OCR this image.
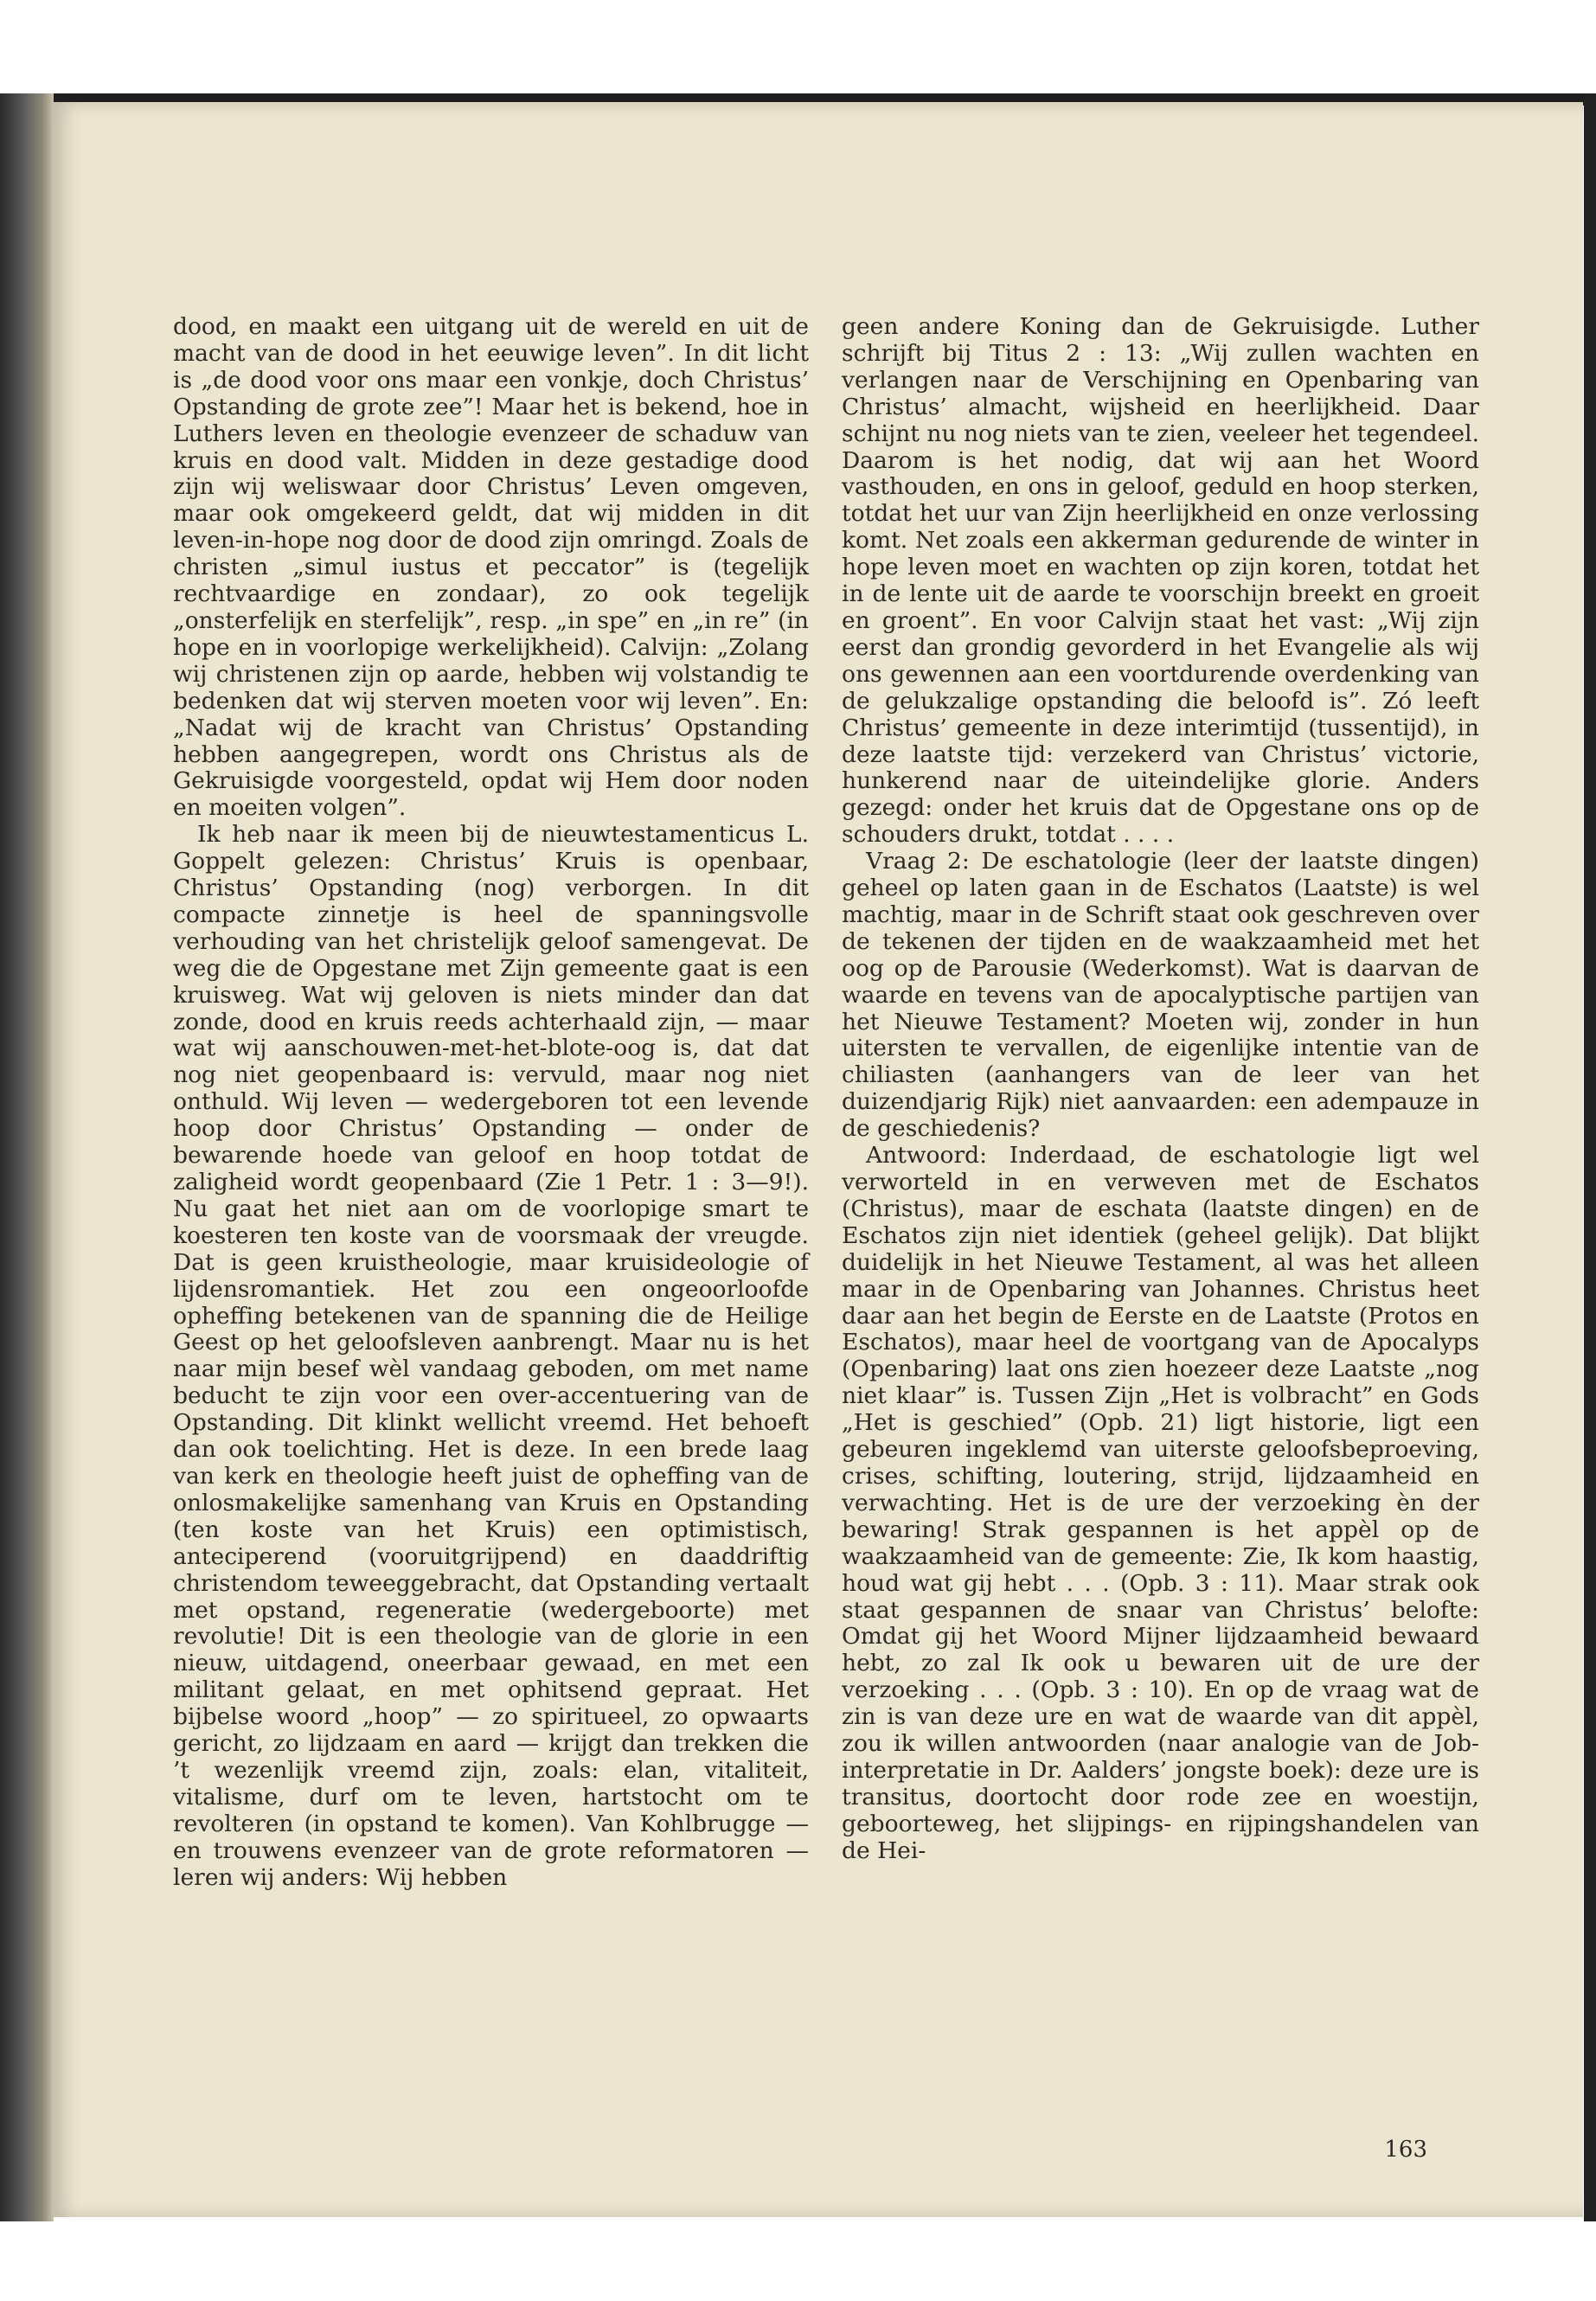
dood, en maakt een uitgang uit de wereld en uit de macht van de dood in het eeuwige leven”. In dit licht is „de dood voor ons maar een vonkje, doch Christus’ Opstanding de grote zee”! Maar het is bekend, hoe in Luthers leven en theologie evenzeer de schaduw van kruis en dood valt. Midden in deze gestadige dood zijn wij weliswaar door Christus’ Leven omgeven, maar ook omgekeerd geldt, dat wij midden in dit leven-in-hope nog door de dood zijn omringd. Zoals de christen „simul iustus et peccator” is (tegelijk rechtvaardige en zondaar), zo ook tegelijk „onsterfelijk en sterfelijk”, resp. „in spe” en „in re” (in hope en in voorlopige werkelijkheid). Calvijn: „Zolang wij christenen zijn op aarde, hebben wij volstandig te bedenken dat wij sterven moeten voor wij leven”. En: „Nadat wij de kracht van Christus’ Opstanding hebben aangegrepen, wordt ons Christus als de Gekruisigde voorgesteld, opdat wij Hem door noden en moeiten volgen”.

Ik heb naar ik meen bij de nieuwtestamenticus L. Goppelt gelezen: Christus’ Kruis is openbaar, Christus’ Opstanding (nog) verborgen. In dit compacte zinnetje is heel de spanningsvolle verhouding van het christelijk geloof samengevat. De weg die de Opgestane met Zijn gemeente gaat is een kruisweg. Wat wij geloven is niets minder dan dat zonde, dood en kruis reeds achterhaald zijn, — maar wat wij aanschouwen-met-het-blote-oog is, dat dat nog niet geopenbaard is: vervuld, maar nog niet onthuld. Wij leven — wedergeboren tot een levende hoop door Christus’ Opstanding — onder de bewarende hoede van geloof en hoop totdat de zaligheid wordt geopenbaard (Zie 1 Petr. 1 : 3—9!). Nu gaat het niet aan om de voorlopige smart te koesteren ten koste van de voorsmaak der vreugde. Dat is geen kruistheologie, maar kruisideologie of lijdensromantiek. Het zou een ongeoorloofde opheffing betekenen van de spanning die de Heilige Geest op het geloofsleven aanbrengt. Maar nu is het naar mijn besef wèl vandaag geboden, om met name beducht te zijn voor een over-accentuering van de Opstanding. Dit klinkt wellicht vreemd. Het behoeft dan ook toelichting. Het is deze. In een brede laag van kerk en theologie heeft juist de opheffing van de onlosmakelijke samenhang van Kruis en Opstanding (ten koste van het Kruis) een optimistisch, anteciperend (vooruitgrijpend) en daaddriftig christendom teweeggebracht, dat Opstanding vertaalt met opstand, regeneratie (wedergeboorte) met revolutie! Dit is een theologie van de glorie in een nieuw, uitdagend, oneerbaar gewaad, en met een militant gelaat, en met ophitsend gepraat. Het bijbelse woord „hoop” — zo spiritueel, zo opwaarts gericht, zo lijdzaam en aard — krijgt dan trekken die ’t wezenlijk vreemd zijn, zoals: elan, vitaliteit, vitalisme, durf om te leven, hartstocht om te revolteren (in opstand te komen). Van Kohlbrugge — en trouwens evenzeer van de grote reformatoren — leren wij anders: Wij hebben

geen andere Koning dan de Gekruisigde. Luther schrijft bij Titus 2 : 13: „Wij zullen wachten en verlangen naar de Verschijning en Openbaring van Christus’ almacht, wijsheid en heerlijkheid. Daar schijnt nu nog niets van te zien, veeleer het tegendeel. Daarom is het nodig, dat wij aan het Woord vasthouden, en ons in geloof, geduld en hoop sterken, totdat het uur van Zijn heerlijkheid en onze verlossing komt. Net zoals een akkerman gedurende de winter in hope leven moet en wachten op zijn koren, totdat het in de lente uit de aarde te voorschijn breekt en groeit en groent”. En voor Calvijn staat het vast: „Wij zijn eerst dan grondig gevorderd in het Evangelie als wij ons gewennen aan een voortdurende overdenking van de gelukzalige opstanding die beloofd is”. Zó leeft Christus’ gemeente in deze interimtijd (tussentijd), in deze laatste tijd: verzekerd van Christus’ victorie, hunkerend naar de uiteindelijke glorie. Anders gezegd: onder het kruis dat de Opgestane ons op de schouders drukt, totdat . . . .

Vraag 2: De eschatologie (leer der laatste dingen) geheel op laten gaan in de Eschatos (Laatste) is wel machtig, maar in de Schrift staat ook geschreven over de tekenen der tijden en de waakzaamheid met het oog op de Parousie (Wederkomst). Wat is daarvan de waarde en tevens van de apocalyptische partijen van het Nieuwe Testament? Moeten wij, zonder in hun uitersten te vervallen, de eigenlijke intentie van de chiliasten (aanhangers van de leer van het duizendjarig Rijk) niet aanvaarden: een adempauze in de geschiedenis?

Antwoord: Inderdaad, de eschatologie ligt wel verworteld in en verweven met de Eschatos (Christus), maar de eschata (laatste dingen) en de Eschatos zijn niet identiek (geheel gelijk). Dat blijkt duidelijk in het Nieuwe Testament, al was het alleen maar in de Openbaring van Johannes. Christus heet daar aan het begin de Eerste en de Laatste (Protos en Eschatos), maar heel de voortgang van de Apocalyps (Openbaring) laat ons zien hoezeer deze Laatste „nog niet klaar” is. Tussen Zijn „Het is volbracht” en Gods „Het is geschied” (Opb. 21) ligt historie, ligt een gebeuren ingeklemd van uiterste geloofsbeproeving, crises, schifting, loutering, strijd, lijdzaamheid en verwachting. Het is de ure der verzoeking èn der bewaring! Strak gespannen is het appèl op de waakzaamheid van de gemeente: Zie, Ik kom haastig, houd wat gij hebt . . . (Opb. 3 : 11). Maar strak ook staat gespannen de snaar van Christus’ belofte: Omdat gij het Woord Mijner lijdzaamheid bewaard hebt, zo zal Ik ook u bewaren uit de ure der verzoeking . . . (Opb. 3 : 10). En op de vraag wat de zin is van deze ure en wat de waarde van dit appèl, zou ik willen antwoorden (naar analogie van de Job-interpretatie in Dr. Aalders’ jongste boek): deze ure is transitus, doortocht door rode zee en woestijn, geboorteweg, het slijpings- en rijpingshandelen van de Hei-

163
